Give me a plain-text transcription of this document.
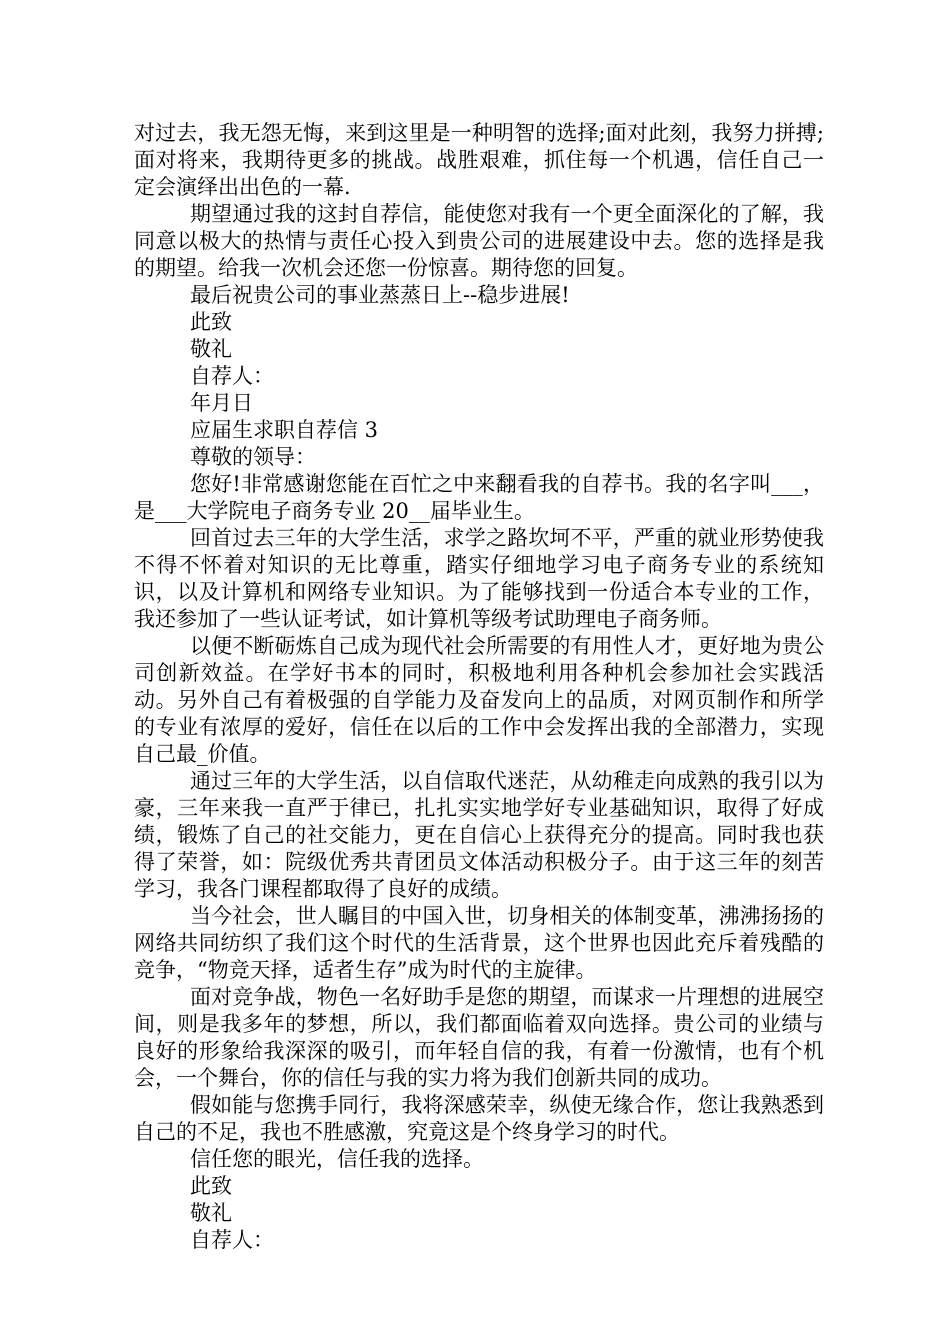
对过去，我无怨无悔，来到这里是一种明智的选择;面对此刻，我努力拼搏;面对将来，我期待更多的挑战。战胜艰难，抓住每一个机遇，信任自己一定会演绎出出色的一幕.

期望通过我的这封自荐信，能使您对我有一个更全面深化的了解，我同意以极大的热情与责任心投入到贵公司的进展建设中去。您的选择是我的期望。给我一次机会还您一份惊喜。期待您的回复。

最后祝贵公司的事业蒸蒸日上--稳步进展!

此致

敬礼

自荐人：

年月日

应届生求职自荐信 3

尊敬的领导：

您好!非常感谢您能在百忙之中来翻看我的自荐书。我的名字叫___，是___大学院电子商务专业 20__届毕业生。

回首过去三年的大学生活，求学之路坎坷不平，严重的就业形势使我不得不怀着对知识的无比尊重，踏实仔细地学习电子商务专业的系统知识，以及计算机和网络专业知识。为了能够找到一份适合本专业的工作，我还参加了一些认证考试，如计算机等级考试助理电子商务师。

以便不断砺炼自己成为现代社会所需要的有用性人才，更好地为贵公司创新效益。在学好书本的同时，积极地利用各种机会参加社会实践活动。另外自己有着极强的自学能力及奋发向上的品质，对网页制作和所学的专业有浓厚的爱好，信任在以后的工作中会发挥出我的全部潜力，实现自己最_价值。

通过三年的大学生活，以自信取代迷茫，从幼稚走向成熟的我引以为豪，三年来我一直严于律已，扎扎实实地学好专业基础知识，取得了好成绩，锻炼了自己的社交能力，更在自信心上获得充分的提高。同时我也获得了荣誉，如：院级优秀共青团员文体活动积极分子。由于这三年的刻苦学习，我各门课程都取得了良好的成绩。

当今社会，世人瞩目的中国入世，切身相关的体制变革，沸沸扬扬的网络共同纺织了我们这个时代的生活背景，这个世界也因此充斥着残酷的竞争，“物竞天择，适者生存”成为时代的主旋律。

面对竞争战，物色一名好助手是您的期望，而谋求一片理想的进展空间，则是我多年的梦想，所以，我们都面临着双向选择。贵公司的业绩与良好的形象给我深深的吸引，而年轻自信的我，有着一份激情，也有个机会，一个舞台，你的信任与我的实力将为我们创新共同的成功。

假如能与您携手同行，我将深感荣幸，纵使无缘合作，您让我熟悉到自己的不足，我也不胜感激，究竟这是个终身学习的时代。

信任您的眼光，信任我的选择。

此致

敬礼

自荐人：
